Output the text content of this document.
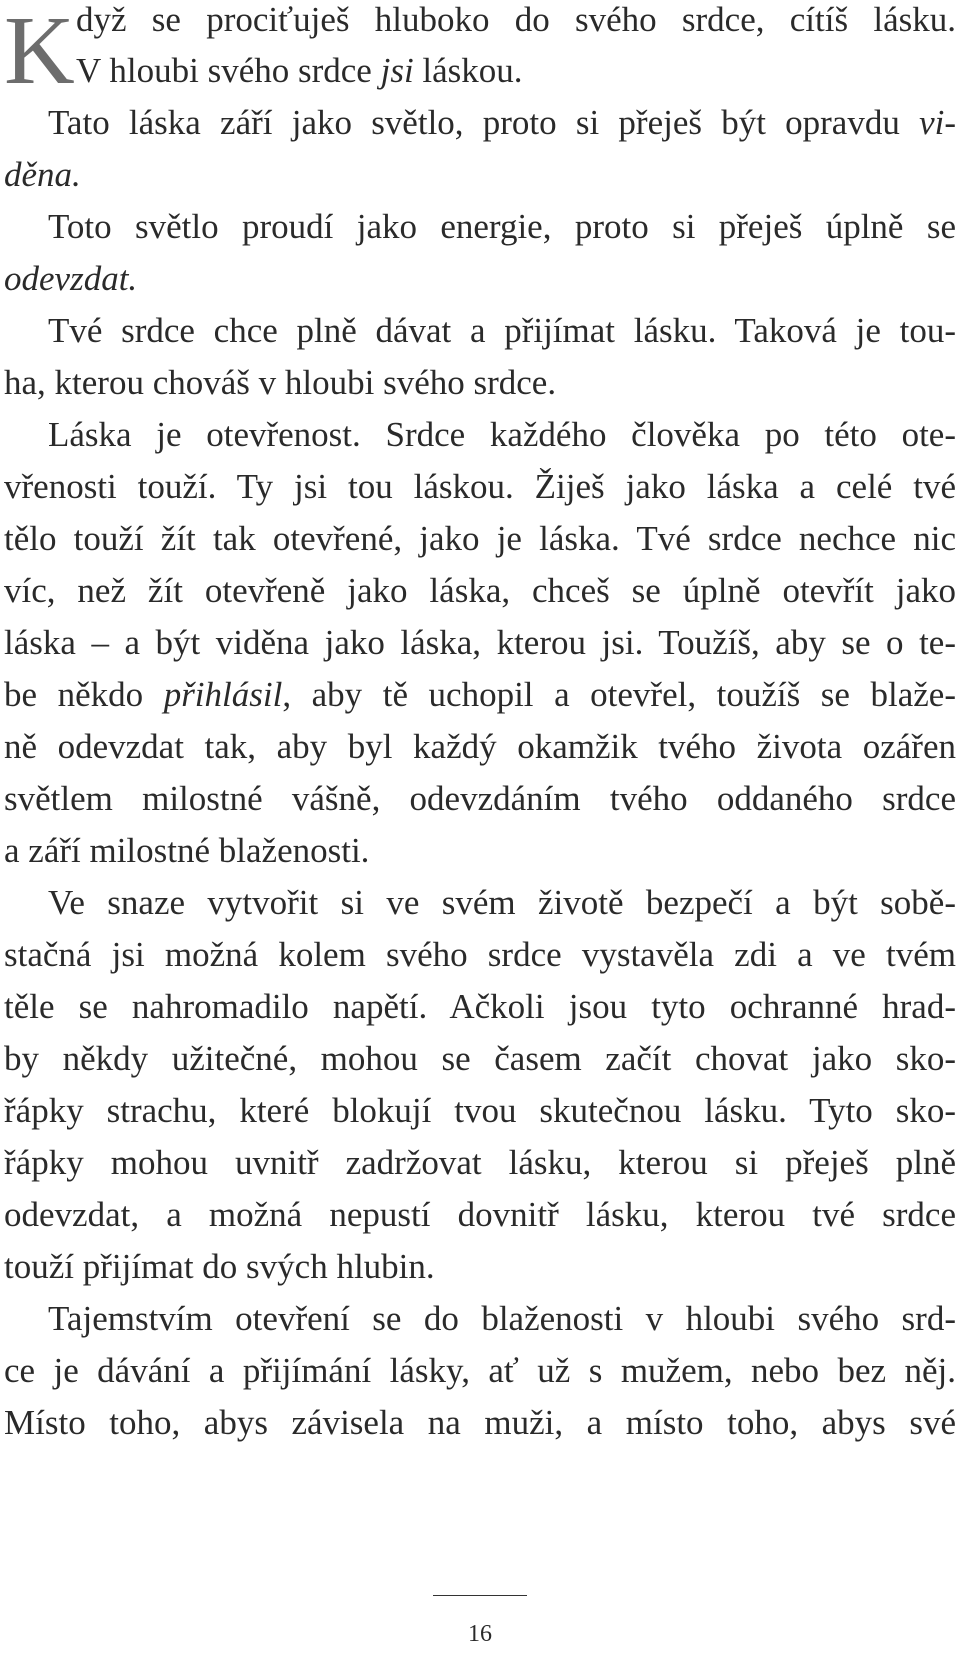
K dyž se prociťuješ hluboko do svého srdce, cítíš lásku.
V hloubi svého srdce jsi láskou.
Tato láska září jako světlo, proto si přeješ být opravdu vi-
děna.
Toto světlo proudí jako energie, proto si přeješ úplně se
odevzdat.
Tvé srdce chce plně dávat a přijímat lásku. Taková je tou-
ha, kterou chováš v hloubi svého srdce.
Láska je otevřenost. Srdce každého člověka po této ote-
vřenosti touží. Ty jsi tou láskou. Žiješ jako láska a celé tvé
tělo touží žít tak otevřené, jako je láska. Tvé srdce nechce nic
víc, než žít otevřeně jako láska, chceš se úplně otevřít jako
láska – a být viděna jako láska, kterou jsi. Toužíš, aby se o te-
be někdo přihlásil, aby tě uchopil a otevřel, toužíš se blaže-
ně odevzdat tak, aby byl každý okamžik tvého života ozářen
světlem milostné vášně, odevzdáním tvého oddaného srdce
a září milostné blaženosti.
Ve snaze vytvořit si ve svém životě bezpečí a být sobě-
stačná jsi možná kolem svého srdce vystavěla zdi a ve tvém
těle se nahromadilo napětí. Ačkoli jsou tyto ochranné hrad-
by někdy užitečné, mohou se časem začít chovat jako sko-
řápky strachu, které blokují tvou skutečnou lásku. Tyto sko-
řápky mohou uvnitř zadržovat lásku, kterou si přeješ plně
odevzdat, a možná nepustí dovnitř lásku, kterou tvé srdce
touží přijímat do svých hlubin.
Tajemstvím otevření se do blaženosti v hloubi svého srd-
ce je dávání a přijímání lásky, ať už s mužem, nebo bez něj.
Místo toho, abys závisela na muži, a místo toho, abys své
16
